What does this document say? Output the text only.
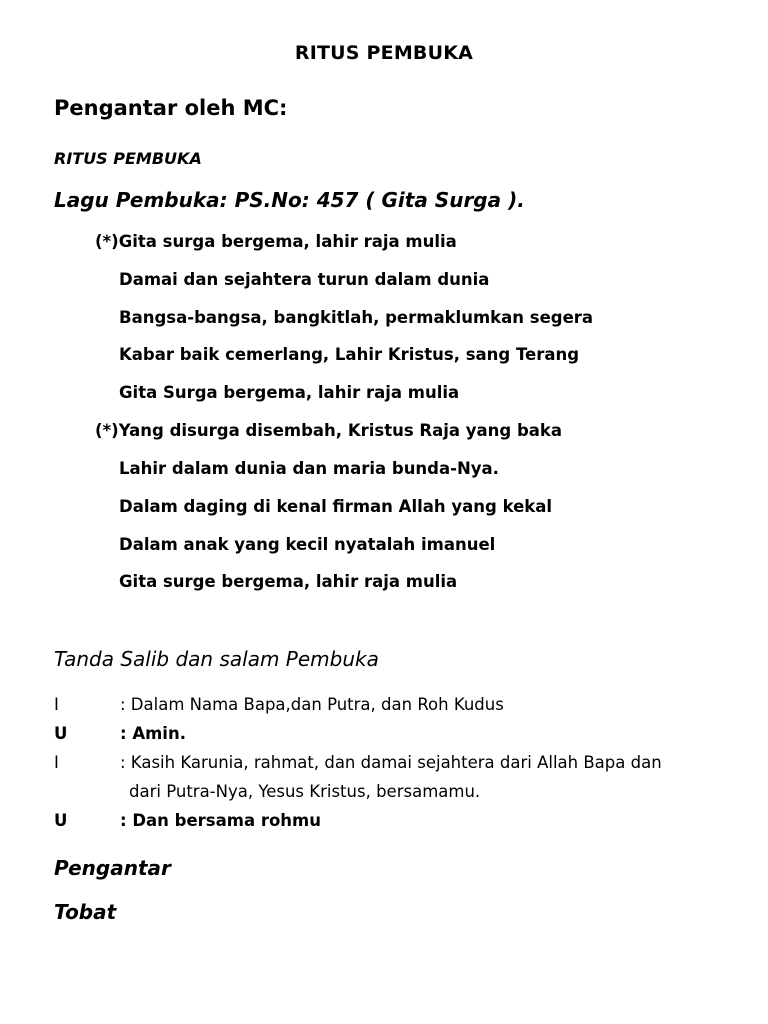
RITUS PEMBUKA
Pengantar oleh MC:
RITUS PEMBUKA
Lagu Pembuka: PS.No: 457 ( Gita Surga ).
(*)Gita surga bergema, lahir raja mulia
Damai dan sejahtera turun dalam dunia
Bangsa-bangsa, bangkitlah, permaklumkan segera
Kabar baik cemerlang, Lahir Kristus, sang Terang
Gita Surga bergema, lahir raja mulia
(*)Yang disurga disembah, Kristus Raja yang baka
Lahir dalam dunia dan maria bunda-Nya.
Dalam daging di kenal firman Allah yang kekal
Dalam anak yang kecil nyatalah imanuel
Gita surge bergema, lahir raja mulia
Tanda Salib dan salam Pembuka
I	: Dalam Nama Bapa,dan Putra, dan Roh Kudus
U	: Amin.
I	: Kasih Karunia, rahmat, dan damai sejahtera dari Allah Bapa dan
dari Putra-Nya, Yesus Kristus, bersamamu.
U	: Dan bersama rohmu
Pengantar
Tobat
